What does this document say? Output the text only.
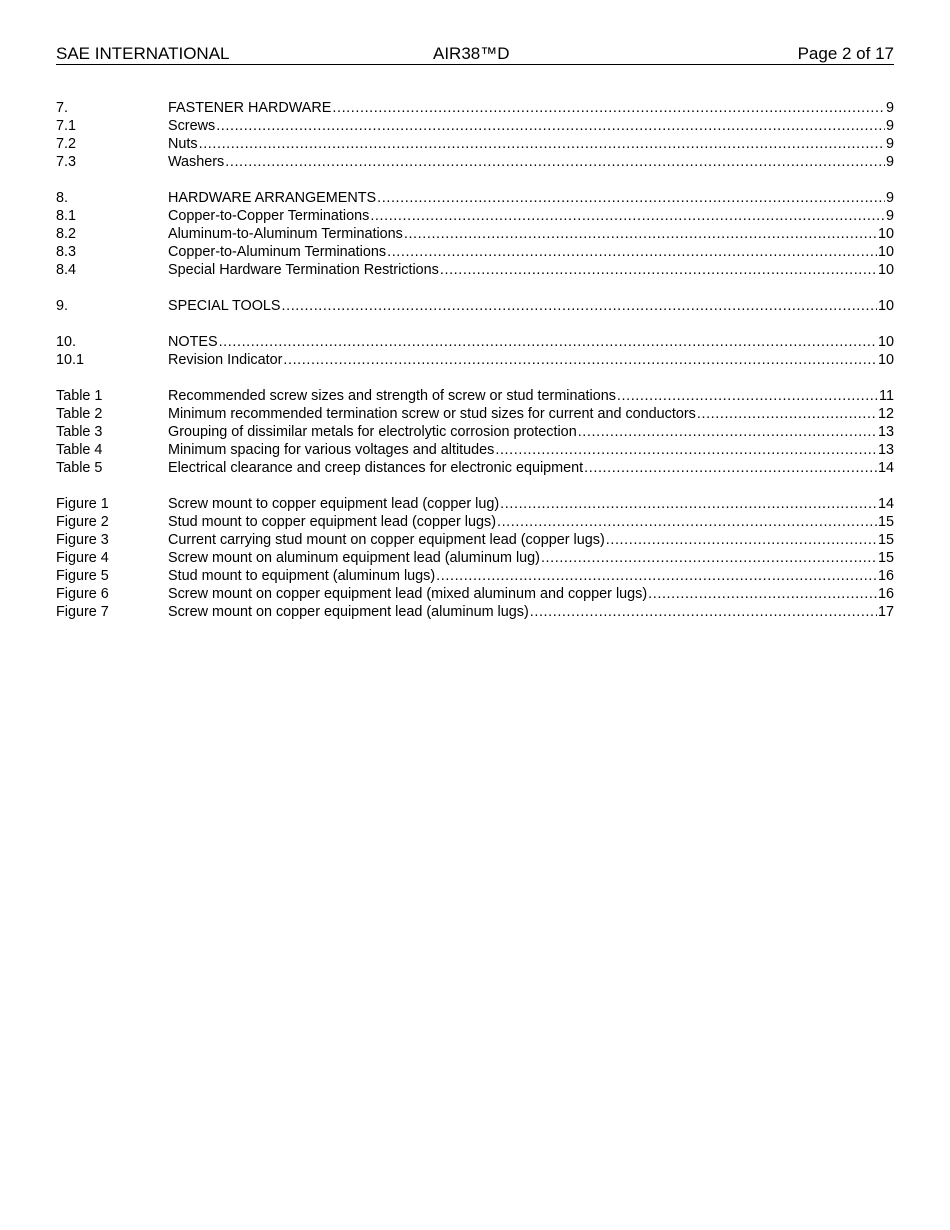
SAE INTERNATIONAL	AIR38™D	Page 2 of 17
7.	FASTENER HARDWARE .....	9
7.1	Screws .....	9
7.2	Nuts .....	9
7.3	Washers .....	9
8.	HARDWARE ARRANGEMENTS .....	9
8.1	Copper-to-Copper Terminations .....	9
8.2	Aluminum-to-Aluminum Terminations .....	10
8.3	Copper-to-Aluminum Terminations .....	10
8.4	Special Hardware Termination Restrictions .....	10
9.	SPECIAL TOOLS .....	10
10.	NOTES .....	10
10.1	Revision Indicator .....	10
Table 1	Recommended screw sizes and strength of screw or stud terminations .....	11
Table 2	Minimum recommended termination screw or stud sizes for current and conductors .....	12
Table 3	Grouping of dissimilar metals for electrolytic corrosion protection .....	13
Table 4	Minimum spacing for various voltages and altitudes .....	13
Table 5	Electrical clearance and creep distances for electronic equipment .....	14
Figure 1	Screw mount to copper equipment lead (copper lug) .....	14
Figure 2	Stud mount to copper equipment lead (copper lugs) .....	15
Figure 3	Current carrying stud mount on copper equipment lead (copper lugs) .....	15
Figure 4	Screw mount on aluminum equipment lead (aluminum lug) .....	15
Figure 5	Stud mount to equipment (aluminum lugs) .....	16
Figure 6	Screw mount on copper equipment lead (mixed aluminum and copper lugs) .....	16
Figure 7	Screw mount on copper equipment lead (aluminum lugs) .....	17
